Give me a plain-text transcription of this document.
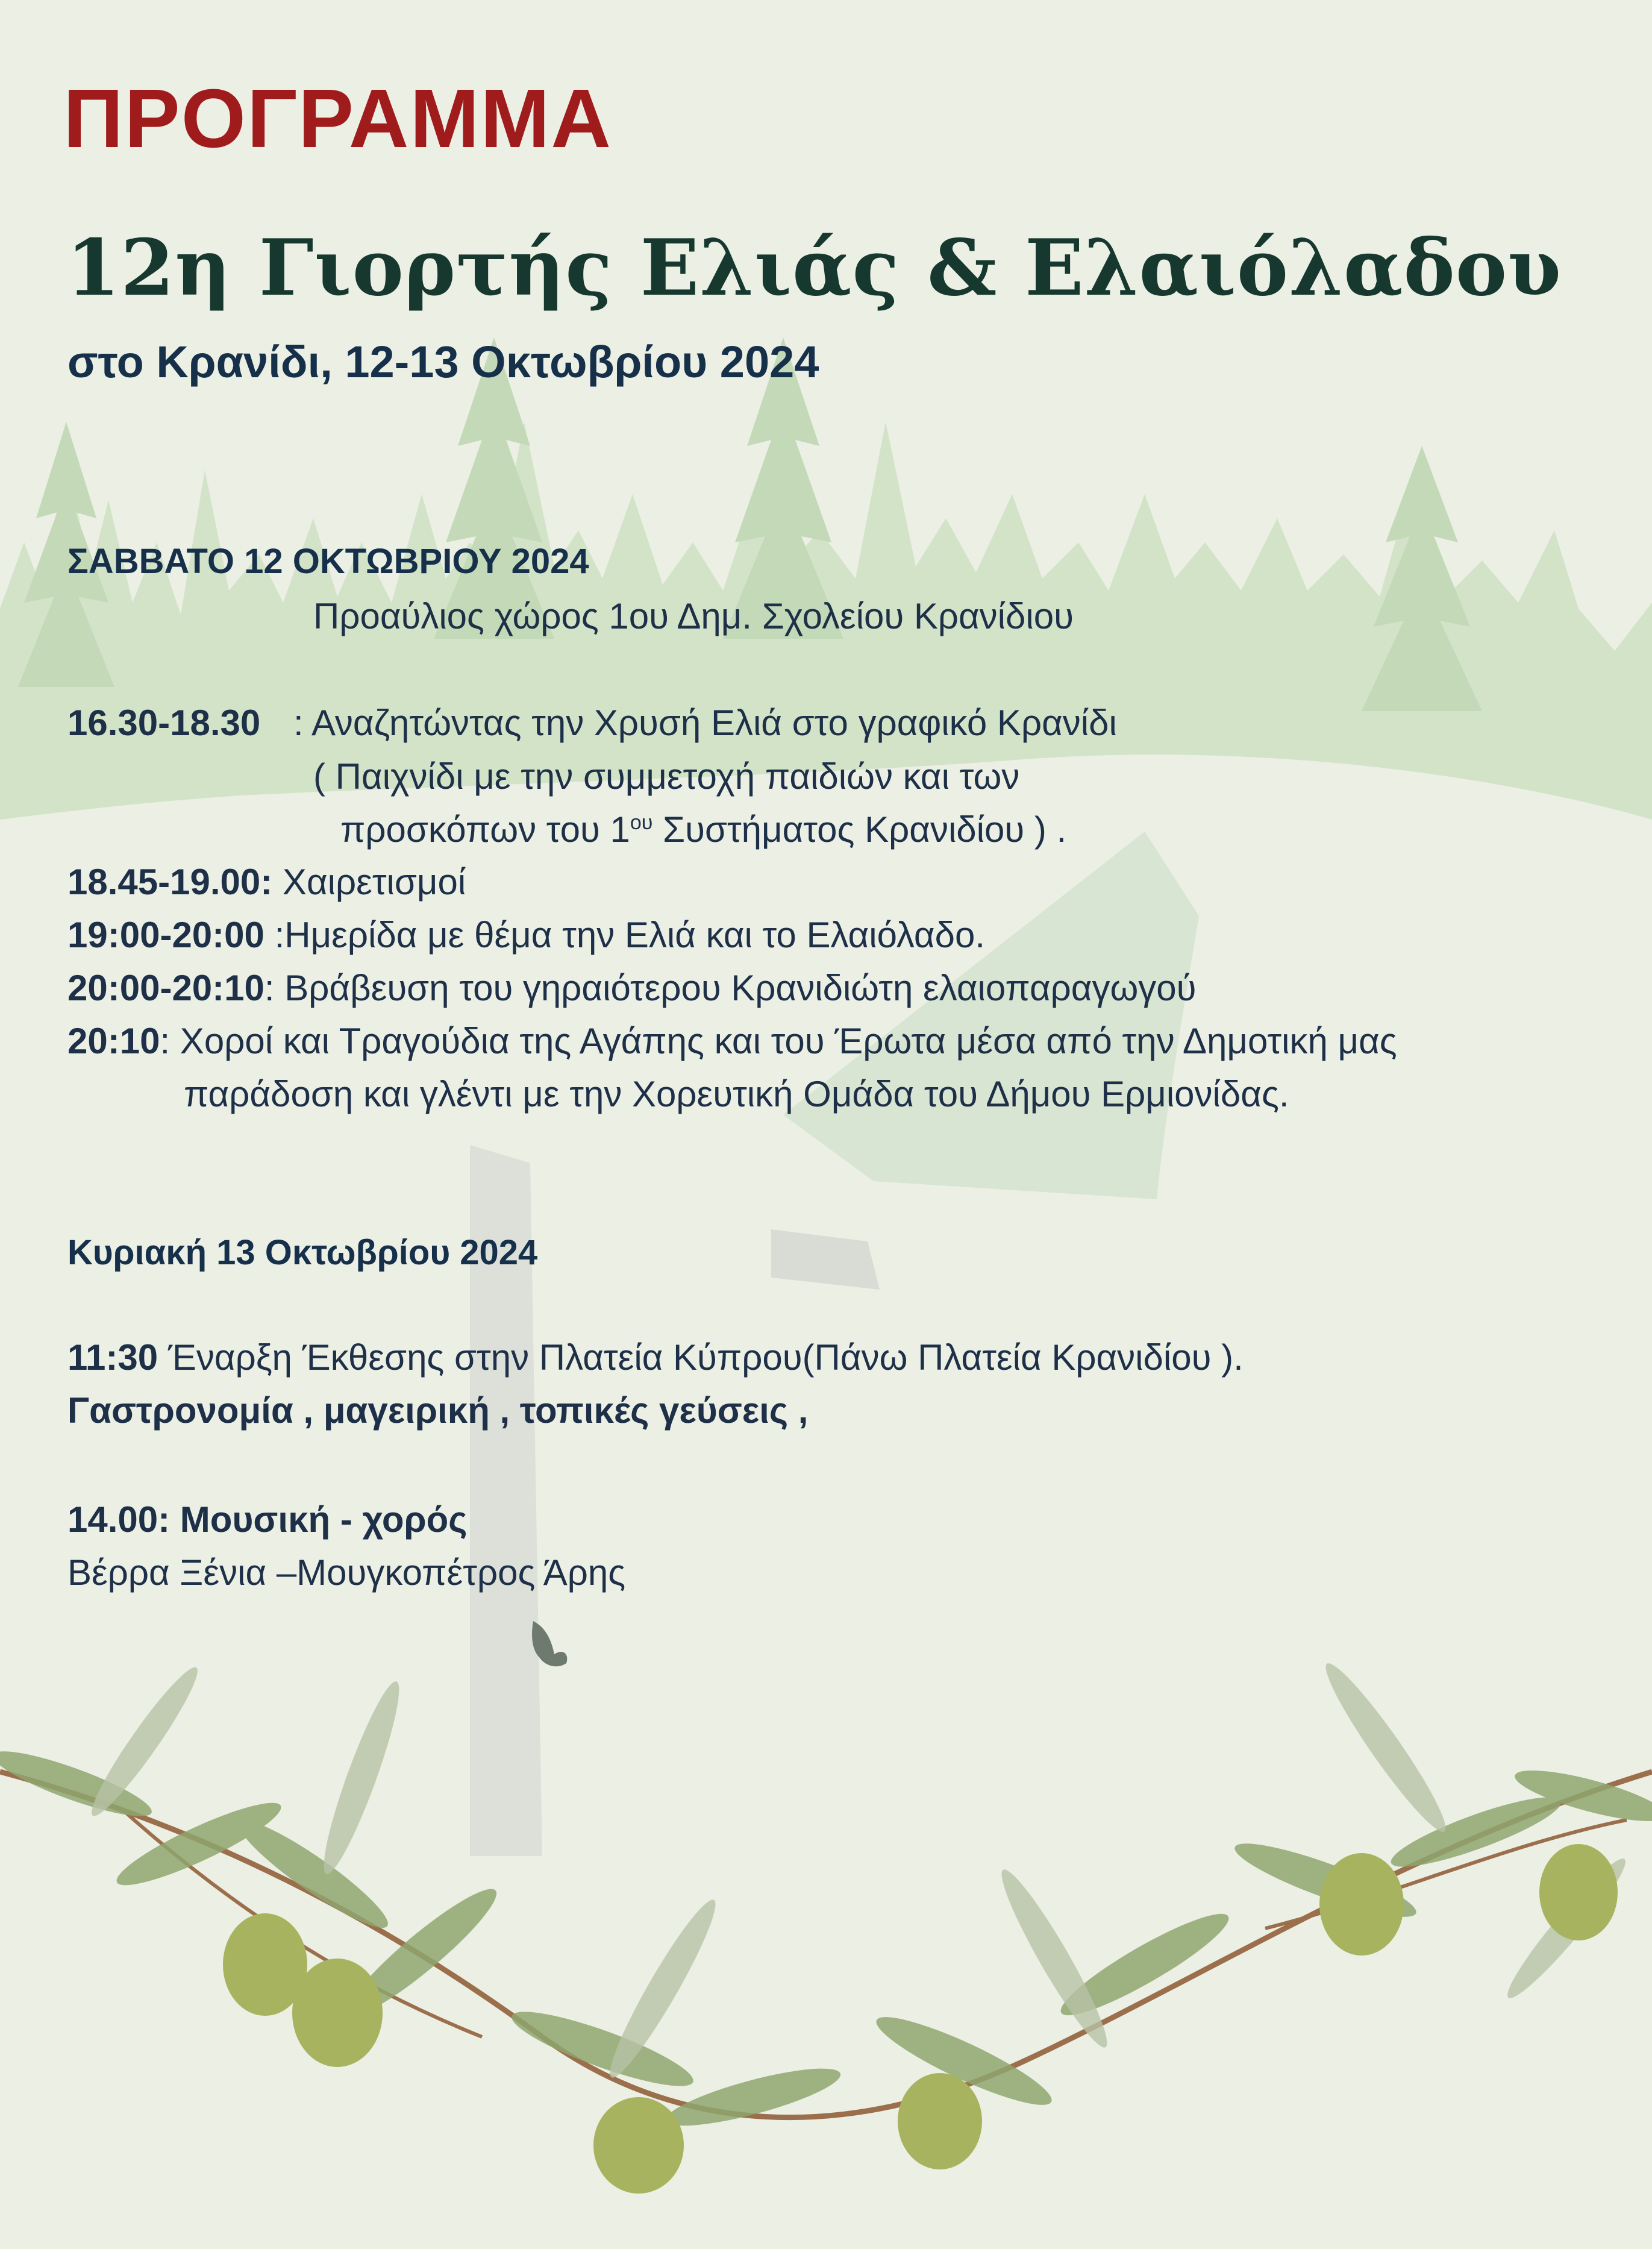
ΠΡΟΓΡΑΜΜΑ
12η Γιορτής Ελιάς & Ελαιόλαδου
στο Κρανίδι, 12-13 Οκτωβρίου 2024
ΣΑΒΒΑΤΟ 12 ΟΚΤΩΒΡΙΟΥ 2024
Προαύλιος χώρος 1ου Δημ. Σχολείου Κρανίδιου
16.30-18.30 : Αναζητώντας την Χρυσή Ελιά στο γραφικό Κρανίδι
( Παιχνίδι με την συμμετοχή παιδιών και των
προσκόπων του $1^{o\upsilon}$ Συστήματος Κρανιδίου ) .
18.45-19.00: Χαιρετισμοί
19:00-20:00 :Ημερίδα με θέμα την Ελιά και το Ελαιόλαδο.
20:00-20:10: Βράβευση του γηραιότερου Κρανιδιώτη ελαιοπαραγωγού
20:10: Χοροί και Τραγούδια της Αγάπης και του Έρωτα μέσα από την Δημοτική μας
παράδοση και γλέντι με την Χορευτική Ομάδα του Δήμου Ερμιονίδας.
Κυριακή 13 Οκτωβρίου 2024
11:30 Έναρξη Έκθεσης στην Πλατεία Κύπρου(Πάνω Πλατεία Κρανιδίου ).
Γαστρονομία , μαγειρική , τοπικές γεύσεις ,
14.00: Μουσική - χορός
Βέρρα Ξένια –Μουγκοπέτρος Άρης
